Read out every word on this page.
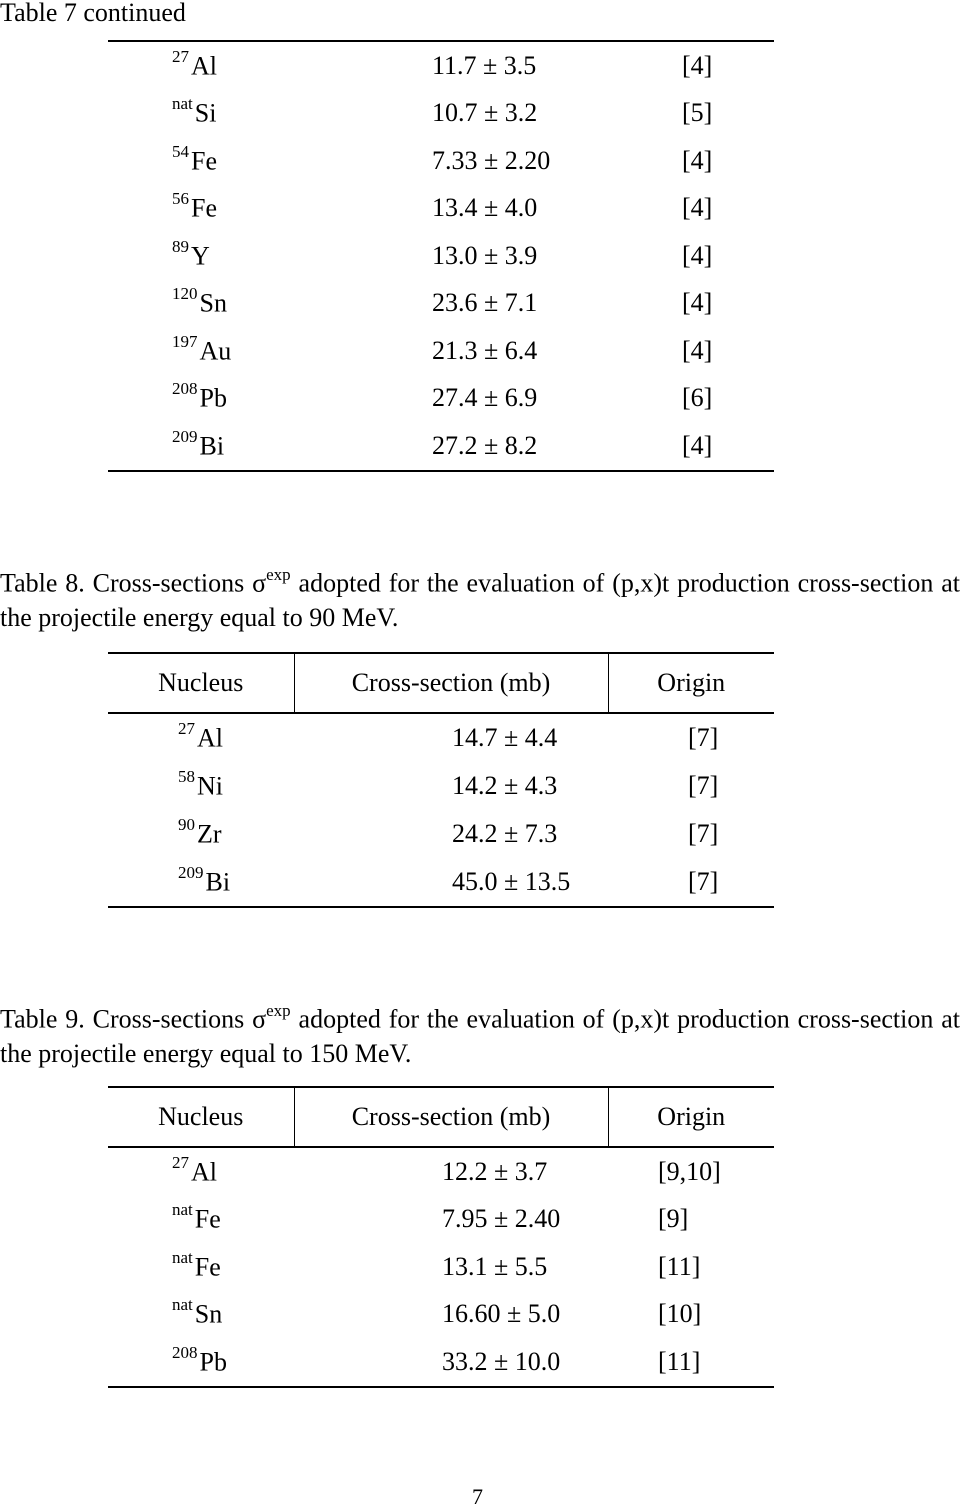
Table 7 continued
$^{27}$Al	11.7 ± 3.5	[4]
$^{nat}$Si	10.7 ± 3.2	[5]
$^{54}$Fe	7.33 ± 2.20	[4]
$^{56}$Fe	13.4 ± 4.0	[4]
$^{89}$Y	13.0 ± 3.9	[4]
$^{120}$Sn	23.6 ± 7.1	[4]
$^{197}$Au	21.3 ± 6.4	[4]
$^{208}$Pb	27.4 ± 6.9	[6]
$^{209}$Bi	27.2 ± 8.2	[4]
Table 8. Cross-sections $\sigma^{exp}$ adopted for the evaluation of (p,x)t production cross-section at the projectile energy equal to 90 MeV.
Nucleus	Cross-section (mb)	Origin
$^{27}$Al	14.7 ± 4.4	[7]
$^{58}$Ni	14.2 ± 4.3	[7]
$^{90}$Zr	24.2 ± 7.3	[7]
$^{209}$Bi	45.0 ± 13.5	[7]
Table 9. Cross-sections $\sigma^{exp}$ adopted for the evaluation of (p,x)t production cross-section at the projectile energy equal to 150 MeV.
Nucleus	Cross-section (mb)	Origin
$^{27}$Al	12.2 ± 3.7	[9,10]
$^{nat}$Fe	7.95 ± 2.40	[9]
$^{nat}$Fe	13.1 ± 5.5	[11]
$^{nat}$Sn	16.60 ± 5.0	[10]
$^{208}$Pb	33.2 ± 10.0	[11]
7
